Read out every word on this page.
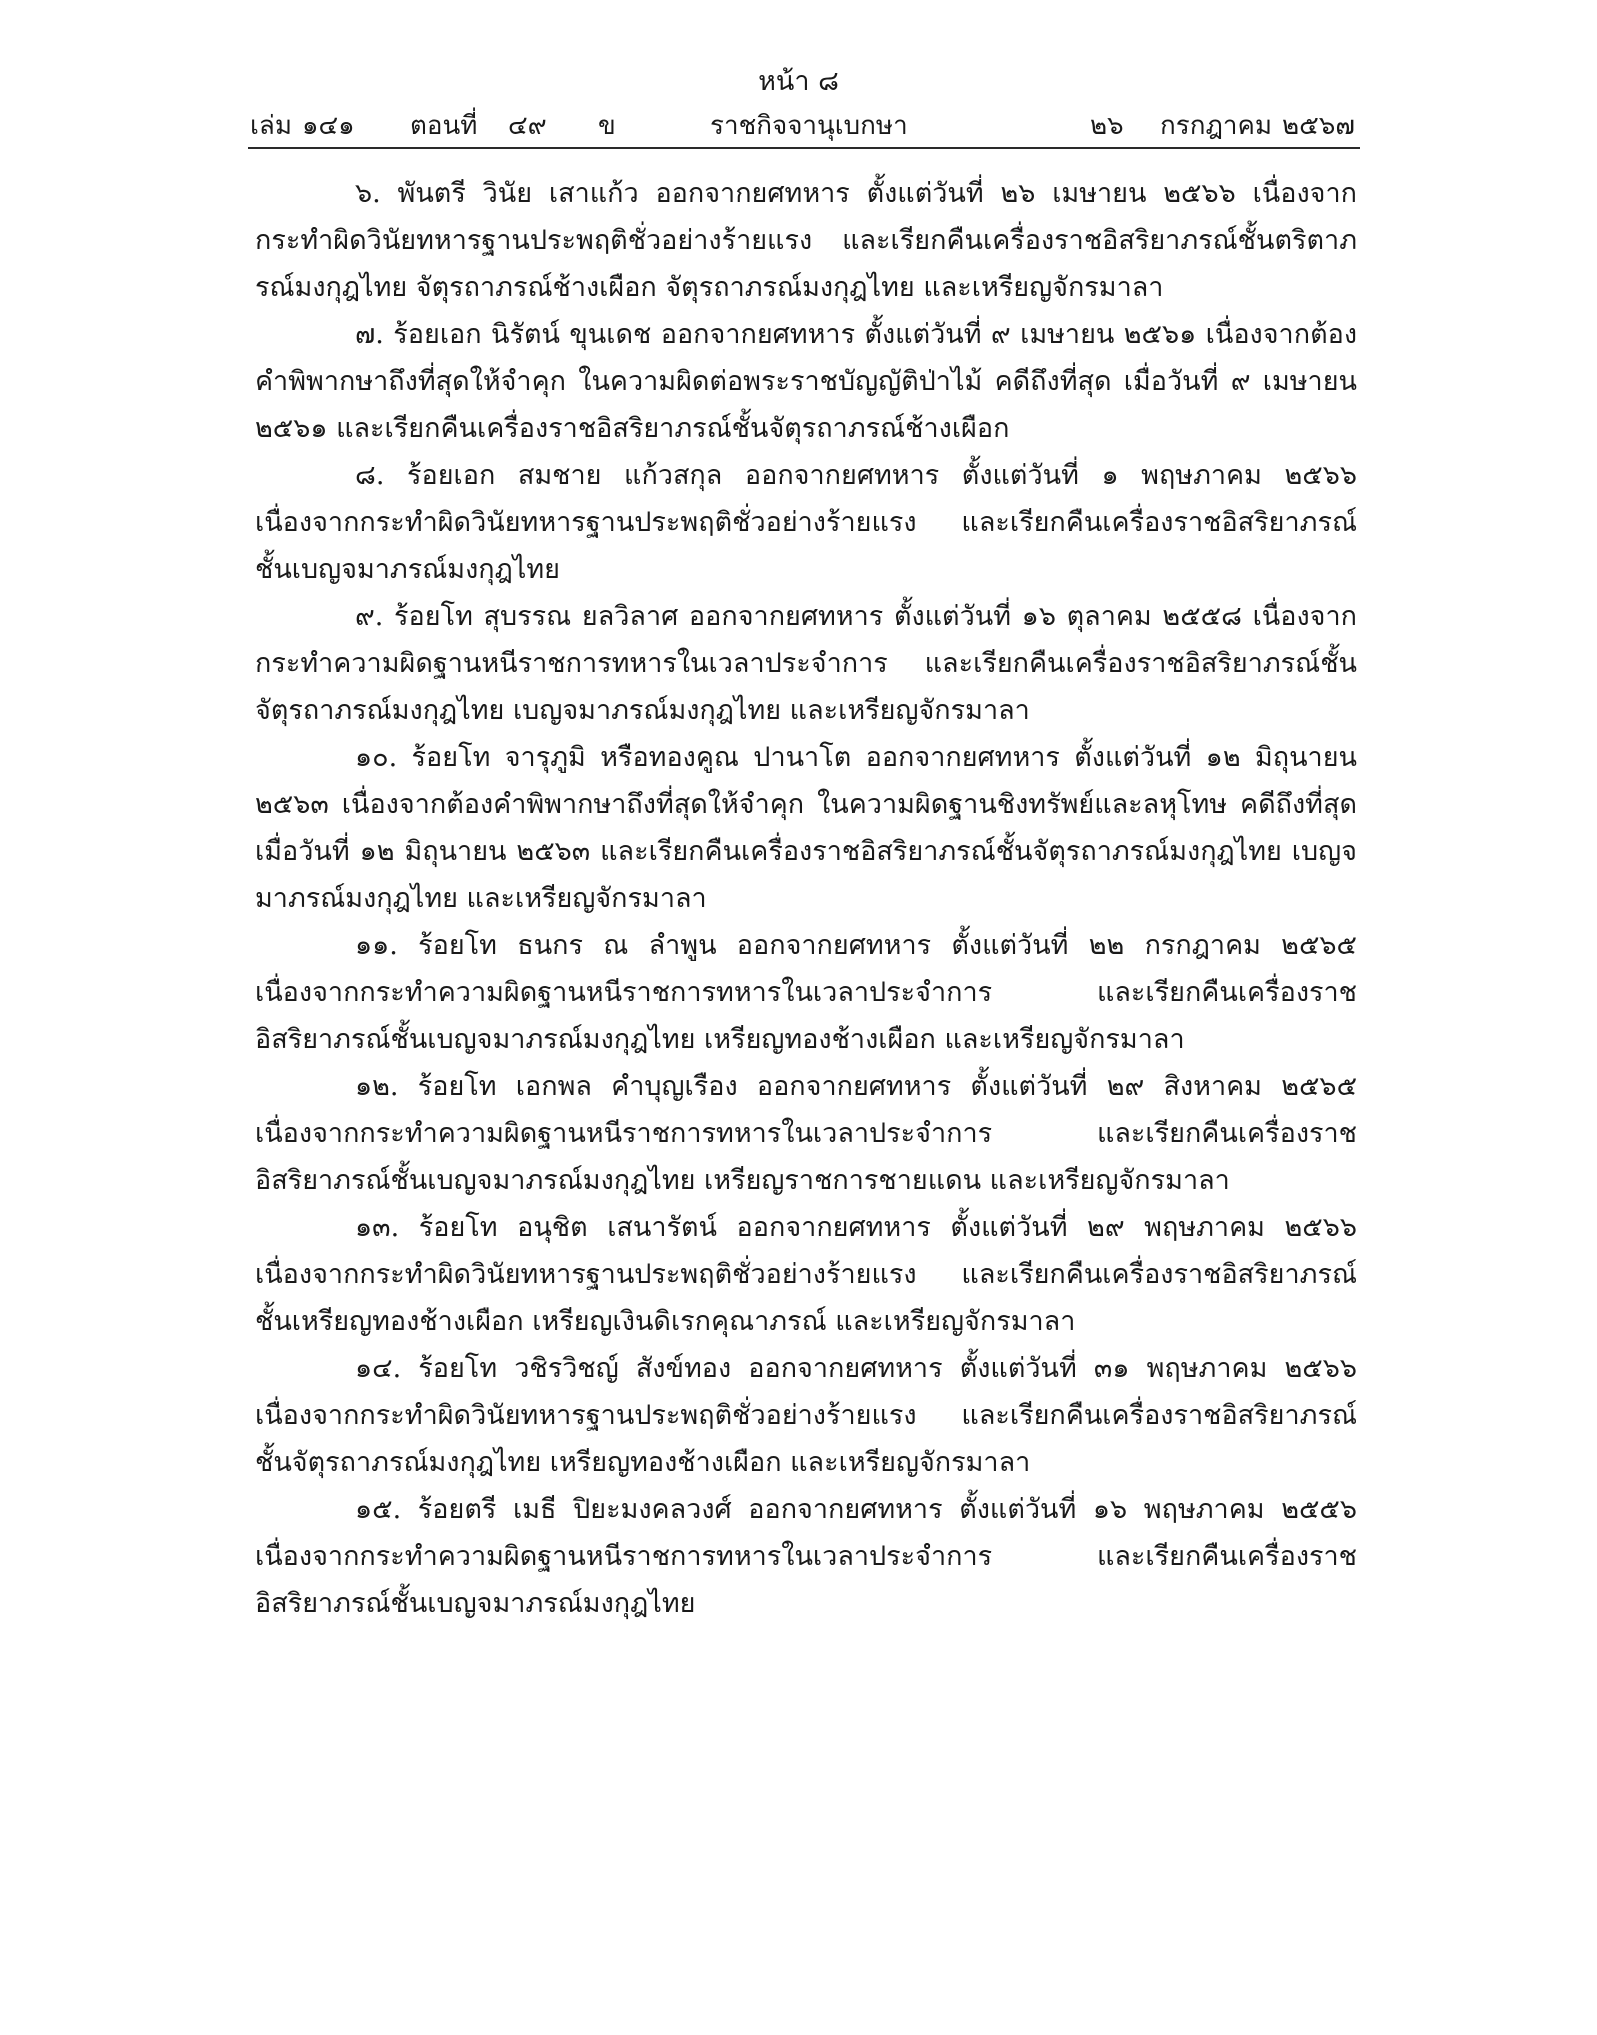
หน้า ๘
เล่ม ๑๔๑ ตอนที่ ๔๙ ข	ราชกิจจานุเบกษา	๒๖ กรกฎาคม ๒๕๖๗

๖. พันตรี วินัย เสาแก้ว ออกจากยศทหาร ตั้งแต่วันที่ ๒๖ เมษายน ๒๕๖๖ เนื่องจากกระทำผิดวินัยทหารฐานประพฤติชั่วอย่างร้ายแรง และเรียกคืนเครื่องราชอิสริยาภรณ์ชั้นตริตาภรณ์มงกุฎไทย จัตุรถาภรณ์ช้างเผือก จัตุรถาภรณ์มงกุฎไทย และเหรียญจักรมาลา

๗. ร้อยเอก นิรัตน์ ขุนเดช ออกจากยศทหาร ตั้งแต่วันที่ ๙ เมษายน ๒๕๖๑ เนื่องจากต้องคำพิพากษาถึงที่สุดให้จำคุก ในความผิดต่อพระราชบัญญัติป่าไม้ คดีถึงที่สุด เมื่อวันที่ ๙ เมษายน ๒๕๖๑ และเรียกคืนเครื่องราชอิสริยาภรณ์ชั้นจัตุรถาภรณ์ช้างเผือก

๘. ร้อยเอก สมชาย แก้วสกุล ออกจากยศทหาร ตั้งแต่วันที่ ๑ พฤษภาคม ๒๕๖๖ เนื่องจากกระทำผิดวินัยทหารฐานประพฤติชั่วอย่างร้ายแรง และเรียกคืนเครื่องราชอิสริยาภรณ์ชั้นเบญจมาภรณ์มงกุฎไทย

๙. ร้อยโท สุบรรณ ยลวิลาศ ออกจากยศทหาร ตั้งแต่วันที่ ๑๖ ตุลาคม ๒๕๕๘ เนื่องจากกระทำความผิดฐานหนีราชการทหารในเวลาประจำการ และเรียกคืนเครื่องราชอิสริยาภรณ์ชั้นจัตุรถาภรณ์มงกุฎไทย เบญจมาภรณ์มงกุฎไทย และเหรียญจักรมาลา

๑๐. ร้อยโท จารุภูมิ หรือทองคูณ ปานาโต ออกจากยศทหาร ตั้งแต่วันที่ ๑๒ มิถุนายน ๒๕๖๓ เนื่องจากต้องคำพิพากษาถึงที่สุดให้จำคุก ในความผิดฐานชิงทรัพย์และลหุโทษ คดีถึงที่สุด เมื่อวันที่ ๑๒ มิถุนายน ๒๕๖๓ และเรียกคืนเครื่องราชอิสริยาภรณ์ชั้นจัตุรถาภรณ์มงกุฎไทย เบญจมาภรณ์มงกุฎไทย และเหรียญจักรมาลา

๑๑. ร้อยโท ธนกร ณ ลำพูน ออกจากยศทหาร ตั้งแต่วันที่ ๒๒ กรกฎาคม ๒๕๖๕ เนื่องจากกระทำความผิดฐานหนีราชการทหารในเวลาประจำการ และเรียกคืนเครื่องราชอิสริยาภรณ์ชั้นเบญจมาภรณ์มงกุฎไทย เหรียญทองช้างเผือก และเหรียญจักรมาลา

๑๒. ร้อยโท เอกพล คำบุญเรือง ออกจากยศทหาร ตั้งแต่วันที่ ๒๙ สิงหาคม ๒๕๖๕ เนื่องจากกระทำความผิดฐานหนีราชการทหารในเวลาประจำการ และเรียกคืนเครื่องราชอิสริยาภรณ์ชั้นเบญจมาภรณ์มงกุฎไทย เหรียญราชการชายแดน และเหรียญจักรมาลา

๑๓. ร้อยโท อนุชิต เสนารัตน์ ออกจากยศทหาร ตั้งแต่วันที่ ๒๙ พฤษภาคม ๒๕๖๖ เนื่องจากกระทำผิดวินัยทหารฐานประพฤติชั่วอย่างร้ายแรง และเรียกคืนเครื่องราชอิสริยาภรณ์ชั้นเหรียญทองช้างเผือก เหรียญเงินดิเรกคุณาภรณ์ และเหรียญจักรมาลา

๑๔. ร้อยโท วชิรวิชญ์ สังข์ทอง ออกจากยศทหาร ตั้งแต่วันที่ ๓๑ พฤษภาคม ๒๕๖๖ เนื่องจากกระทำผิดวินัยทหารฐานประพฤติชั่วอย่างร้ายแรง และเรียกคืนเครื่องราชอิสริยาภรณ์ชั้นจัตุรถาภรณ์มงกุฎไทย เหรียญทองช้างเผือก และเหรียญจักรมาลา

๑๕. ร้อยตรี เมธี ปิยะมงคลวงศ์ ออกจากยศทหาร ตั้งแต่วันที่ ๑๖ พฤษภาคม ๒๕๕๖ เนื่องจากกระทำความผิดฐานหนีราชการทหารในเวลาประจำการ และเรียกคืนเครื่องราชอิสริยาภรณ์ชั้นเบญจมาภรณ์มงกุฎไทย
